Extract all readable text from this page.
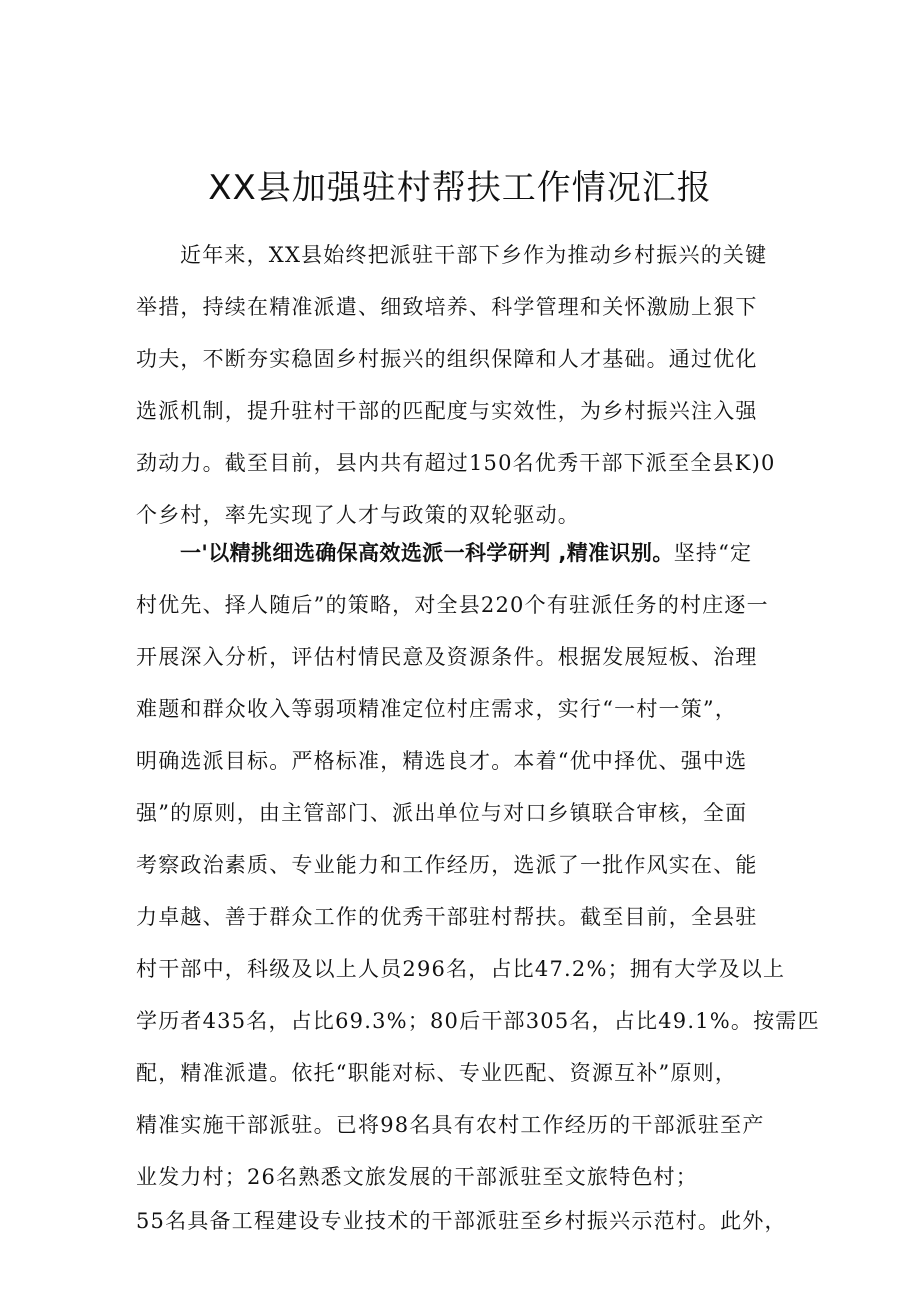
XX县加强驻村帮扶工作情况汇报
近年来，XX县始终把派驻干部下乡作为推动乡村振兴的关键
举措，持续在精准派遣、细致培养、科学管理和关怀激励上狠下
功夫，不断夯实稳固乡村振兴的组织保障和人才基础。通过优化
选派机制，提升驻村干部的匹配度与实效性，为乡村振兴注入强
劲动力。截至目前，县内共有超过150名优秀干部下派至全县K)0
个乡村，率先实现了人才与政策的双轮驱动。
一'以精挑细选确保高效选派一科学研判 ,精准识别。坚持“定
村优先、择人随后”的策略，对全县220个有驻派任务的村庄逐一
开展深入分析，评估村情民意及资源条件。根据发展短板、治理
难题和群众收入等弱项精准定位村庄需求，实行“一村一策”，
明确选派目标。严格标准，精选良才。本着“优中择优、强中选
强”的原则，由主管部门、派出单位与对口乡镇联合审核，全面
考察政治素质、专业能力和工作经历，选派了一批作风实在、能
力卓越、善于群众工作的优秀干部驻村帮扶。截至目前，全县驻
村干部中，科级及以上人员296名，占比47.2%；拥有大学及以上
学历者435名，占比69.3%；80后干部305名，占比49.1%。按需匹
配，精准派遣。依托“职能对标、专业匹配、资源互补”原则，
精准实施干部派驻。已将98名具有农村工作经历的干部派驻至产
业发力村；26名熟悉文旅发展的干部派驻至文旅特色村；
55名具备工程建设专业技术的干部派驻至乡村振兴示范村。此外，
